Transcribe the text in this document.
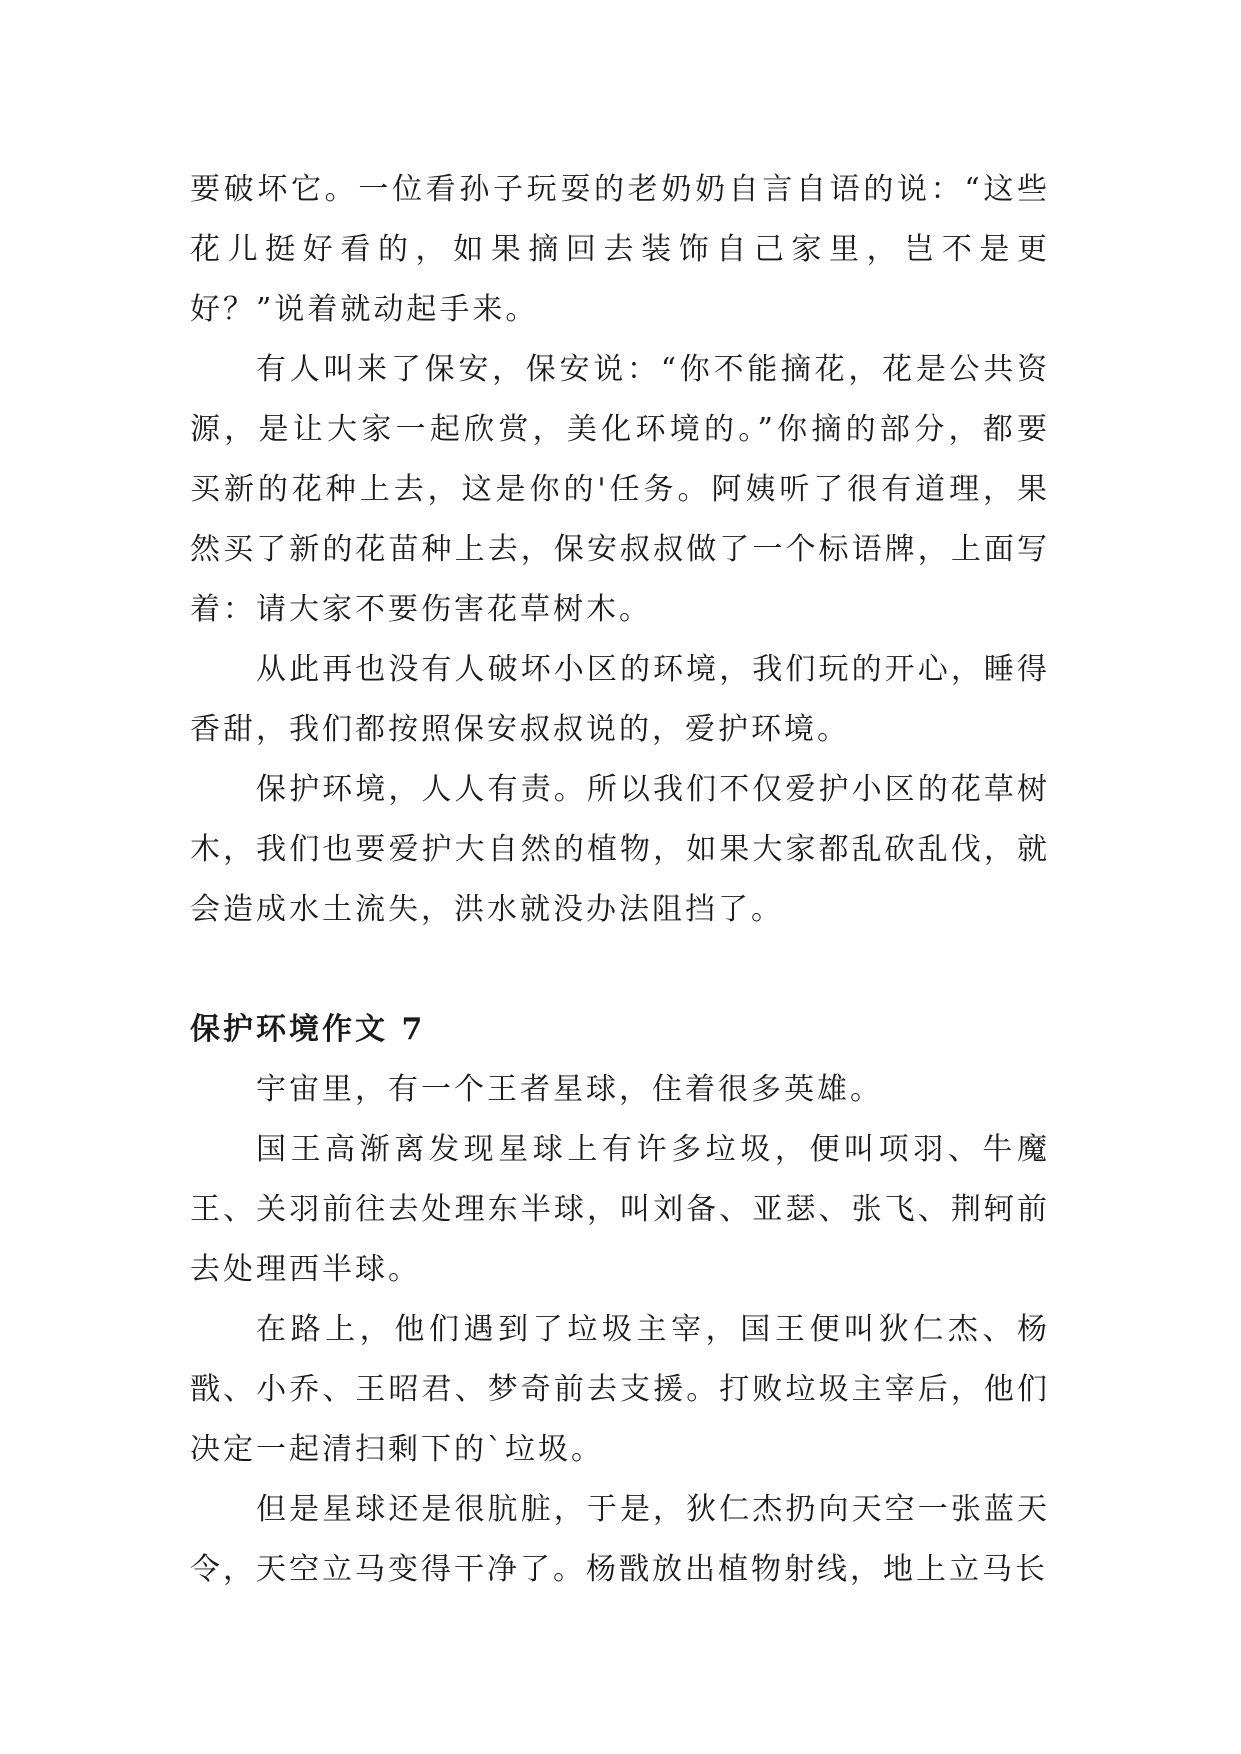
要破坏它。一位看孙子玩耍的老奶奶自言自语的说：“这些花儿挺好看的，如果摘回去装饰自己家里，岂不是更好？”说着就动起手来。

有人叫来了保安，保安说：“你不能摘花，花是公共资源，是让大家一起欣赏，美化环境的。”你摘的部分，都要买新的花种上去，这是你的'任务。阿姨听了很有道理，果然买了新的花苗种上去，保安叔叔做了一个标语牌，上面写着：请大家不要伤害花草树木。

从此再也没有人破坏小区的环境，我们玩的开心，睡得香甜，我们都按照保安叔叔说的，爱护环境。

保护环境，人人有责。所以我们不仅爱护小区的花草树木，我们也要爱护大自然的植物，如果大家都乱砍乱伐，就会造成水土流失，洪水就没办法阻挡了。

保护环境作文 7

宇宙里，有一个王者星球，住着很多英雄。

国王高渐离发现星球上有许多垃圾，便叫项羽、牛魔王、关羽前往去处理东半球，叫刘备、亚瑟、张飞、荆轲前去处理西半球。

在路上，他们遇到了垃圾主宰，国王便叫狄仁杰、杨戬、小乔、王昭君、梦奇前去支援。打败垃圾主宰后，他们决定一起清扫剩下的`垃圾。

但是星球还是很肮脏，于是，狄仁杰扔向天空一张蓝天令，天空立马变得干净了。杨戬放出植物射线，地上立马长
